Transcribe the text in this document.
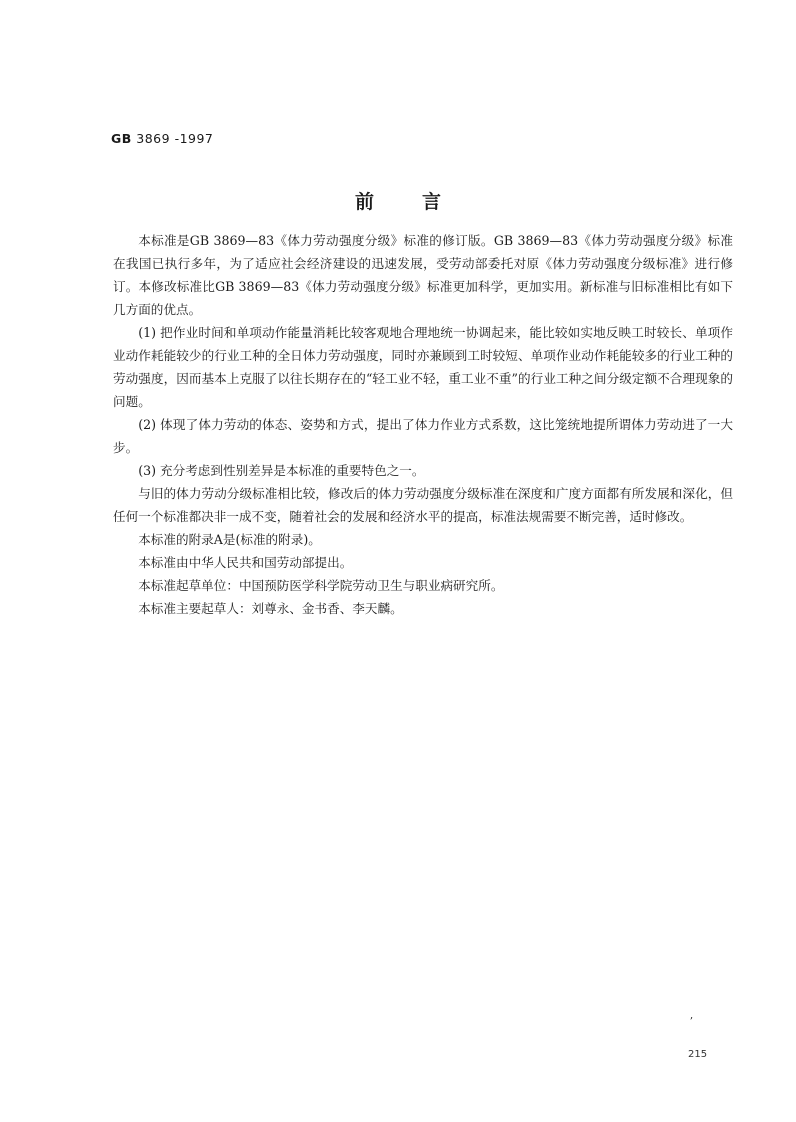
GB 3869 -1997
前言

本标准是GB 3869—83《体力劳动强度分级》标准的修订版。GB 3869—83《体力劳动强度分级》标准在我国已执行多年，为了适应社会经济建设的迅速发展，受劳动部委托对原《体力劳动强度分级标准》进行修订。本修改标准比GB 3869—83《体力劳动强度分级》标准更加科学，更加实用。新标准与旧标准相比有如下几方面的优点。

(1) 把作业时间和单项动作能量消耗比较客观地合理地统一协调起来，能比较如实地反映工时较长、单项作业动作耗能较少的行业工种的全日体力劳动强度，同时亦兼顾到工时较短、单项作业动作耗能较多的行业工种的劳动强度，因而基本上克服了以往长期存在的“轻工业不轻，重工业不重”的行业工种之间分级定额不合理现象的问题。

(2) 体现了体力劳动的体态、姿势和方式，提出了体力作业方式系数，这比笼统地提所谓体力劳动进了一大步。

(3) 充分考虑到性别差异是本标准的重要特色之一。

与旧的体力劳动分级标准相比较，修改后的体力劳动强度分级标准在深度和广度方面都有所发展和深化，但任何一个标准都决非一成不变，随着社会的发展和经济水平的提高，标准法规需要不断完善，适时修改。

本标准的附录A是(标准的附录)。

本标准由中华人民共和国劳动部提出。

本标准起草单位：中国预防医学科学院劳动卫生与职业病研究所。

本标准主要起草人：刘尊永、金书香、李天麟。

,
215
